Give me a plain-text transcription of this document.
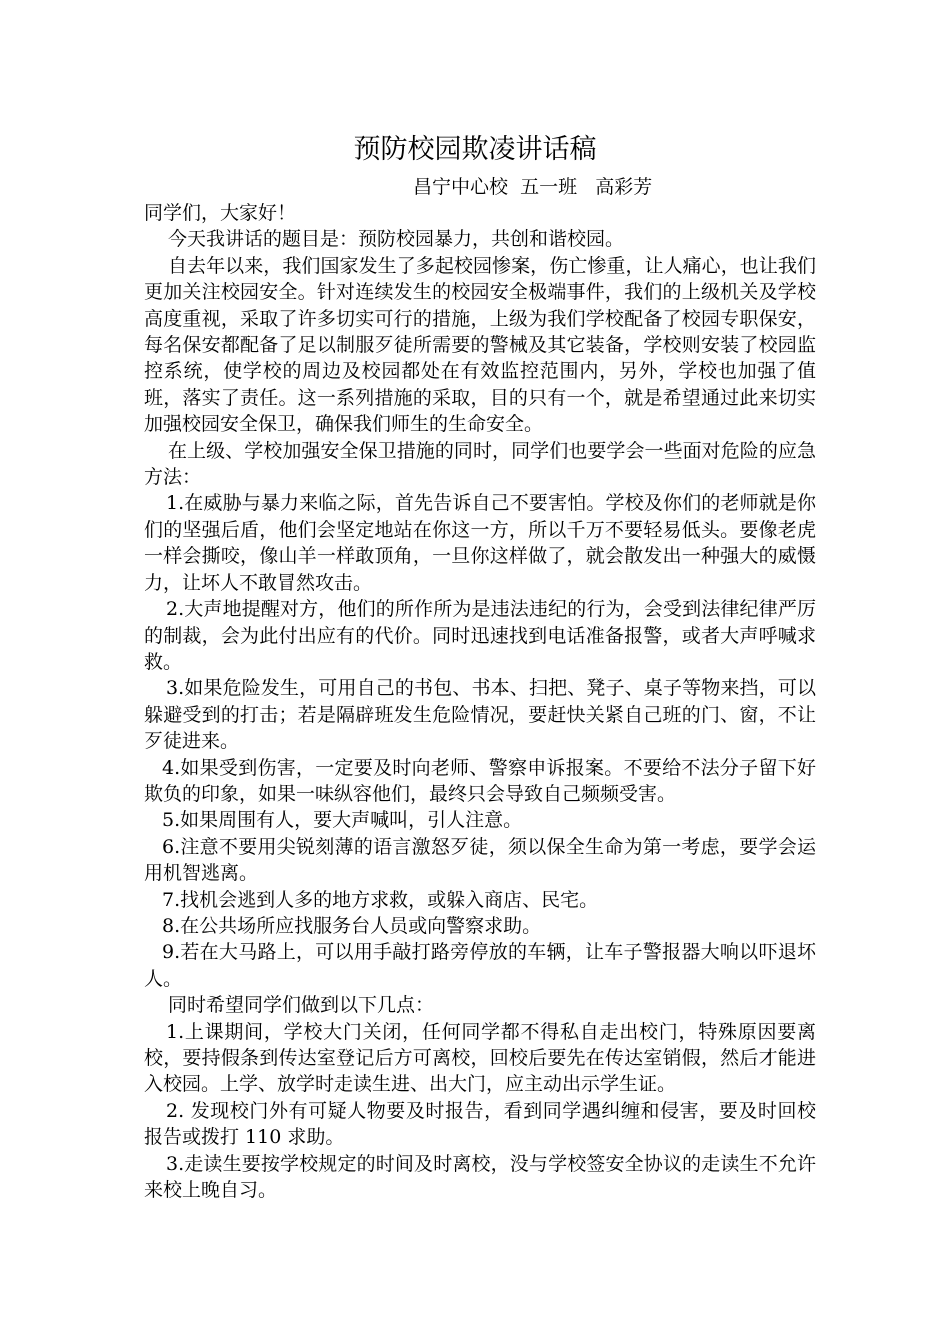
预防校园欺凌讲话稿
昌宁中心校  五一班   高彩芳

同学们，大家好！

今天我讲话的题目是：预防校园暴力，共创和谐校园。

自去年以来，我们国家发生了多起校园惨案，伤亡惨重，让人痛心，也让我们更加关注校园安全。针对连续发生的校园安全极端事件，我们的上级机关及学校高度重视，采取了许多切实可行的措施，上级为我们学校配备了校园专职保安，每名保安都配备了足以制服歹徒所需要的警械及其它装备，学校则安装了校园监控系统，使学校的周边及校园都处在有效监控范围内，另外，学校也加强了值班，落实了责任。这一系列措施的采取，目的只有一个，就是希望通过此来切实加强校园安全保卫，确保我们师生的生命安全。

在上级、学校加强安全保卫措施的同时，同学们也要学会一些面对危险的应急方法：

1.在威胁与暴力来临之际，首先告诉自己不要害怕。学校及你们的老师就是你们的坚强后盾，他们会坚定地站在你这一方，所以千万不要轻易低头。要像老虎一样会撕咬，像山羊一样敢顶角，一旦你这样做了，就会散发出一种强大的威慑力，让坏人不敢冒然攻击。

2.大声地提醒对方，他们的所作所为是违法违纪的行为，会受到法律纪律严厉的制裁，会为此付出应有的代价。同时迅速找到电话准备报警，或者大声呼喊求救。

3.如果危险发生，可用自己的书包、书本、扫把、凳子、桌子等物来挡，可以躲避受到的打击；若是隔辟班发生危险情况，要赶快关紧自己班的门、窗，不让歹徒进来。

4.如果受到伤害，一定要及时向老师、警察申诉报案。不要给不法分子留下好欺负的印象，如果一味纵容他们，最终只会导致自己频频受害。

5.如果周围有人，要大声喊叫，引人注意。

6.注意不要用尖锐刻薄的语言激怒歹徒，须以保全生命为第一考虑，要学会运用机智逃离。

7.找机会逃到人多的地方求救，或躲入商店、民宅。

8.在公共场所应找服务台人员或向警察求助。

9.若在大马路上，可以用手敲打路旁停放的车辆，让车子警报器大响以吓退坏人。

同时希望同学们做到以下几点：

1.上课期间，学校大门关闭，任何同学都不得私自走出校门，特殊原因要离校，要持假条到传达室登记后方可离校，回校后要先在传达室销假，然后才能进入校园。上学、放学时走读生进、出大门，应主动出示学生证。

2. 发现校门外有可疑人物要及时报告，看到同学遇纠缠和侵害，要及时回校报告或拨打 110 求助。

3.走读生要按学校规定的时间及时离校，没与学校签安全协议的走读生不允许来校上晚自习。
